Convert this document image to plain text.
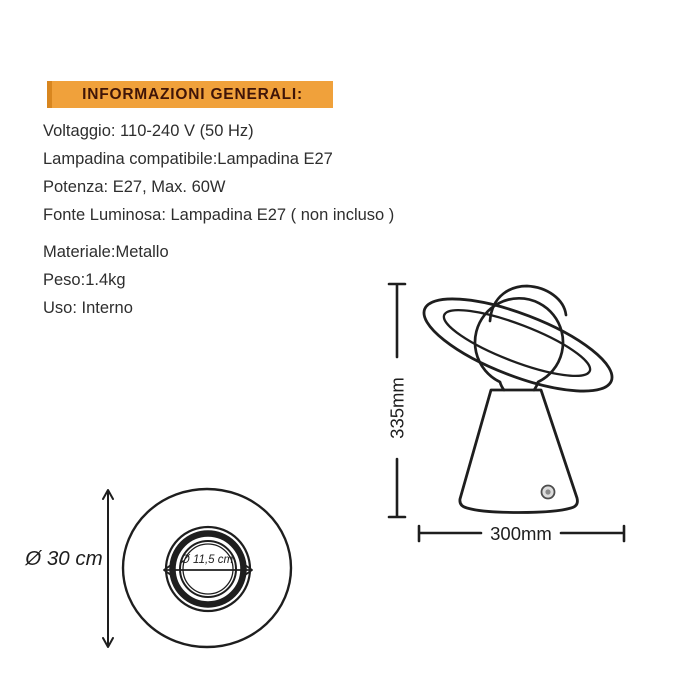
INFORMAZIONI GENERALI:
Voltaggio: 110-240 V (50 Hz)
Lampadina compatibile:Lampadina E27
Potenza: E27, Max. 60W
Fonte Luminosa: Lampadina E27 ( non incluso )
Materiale:Metallo
Peso:1.4kg
Uso: Interno
335mm
300mm
Ø 11,5 cm
Ø 30 cm
